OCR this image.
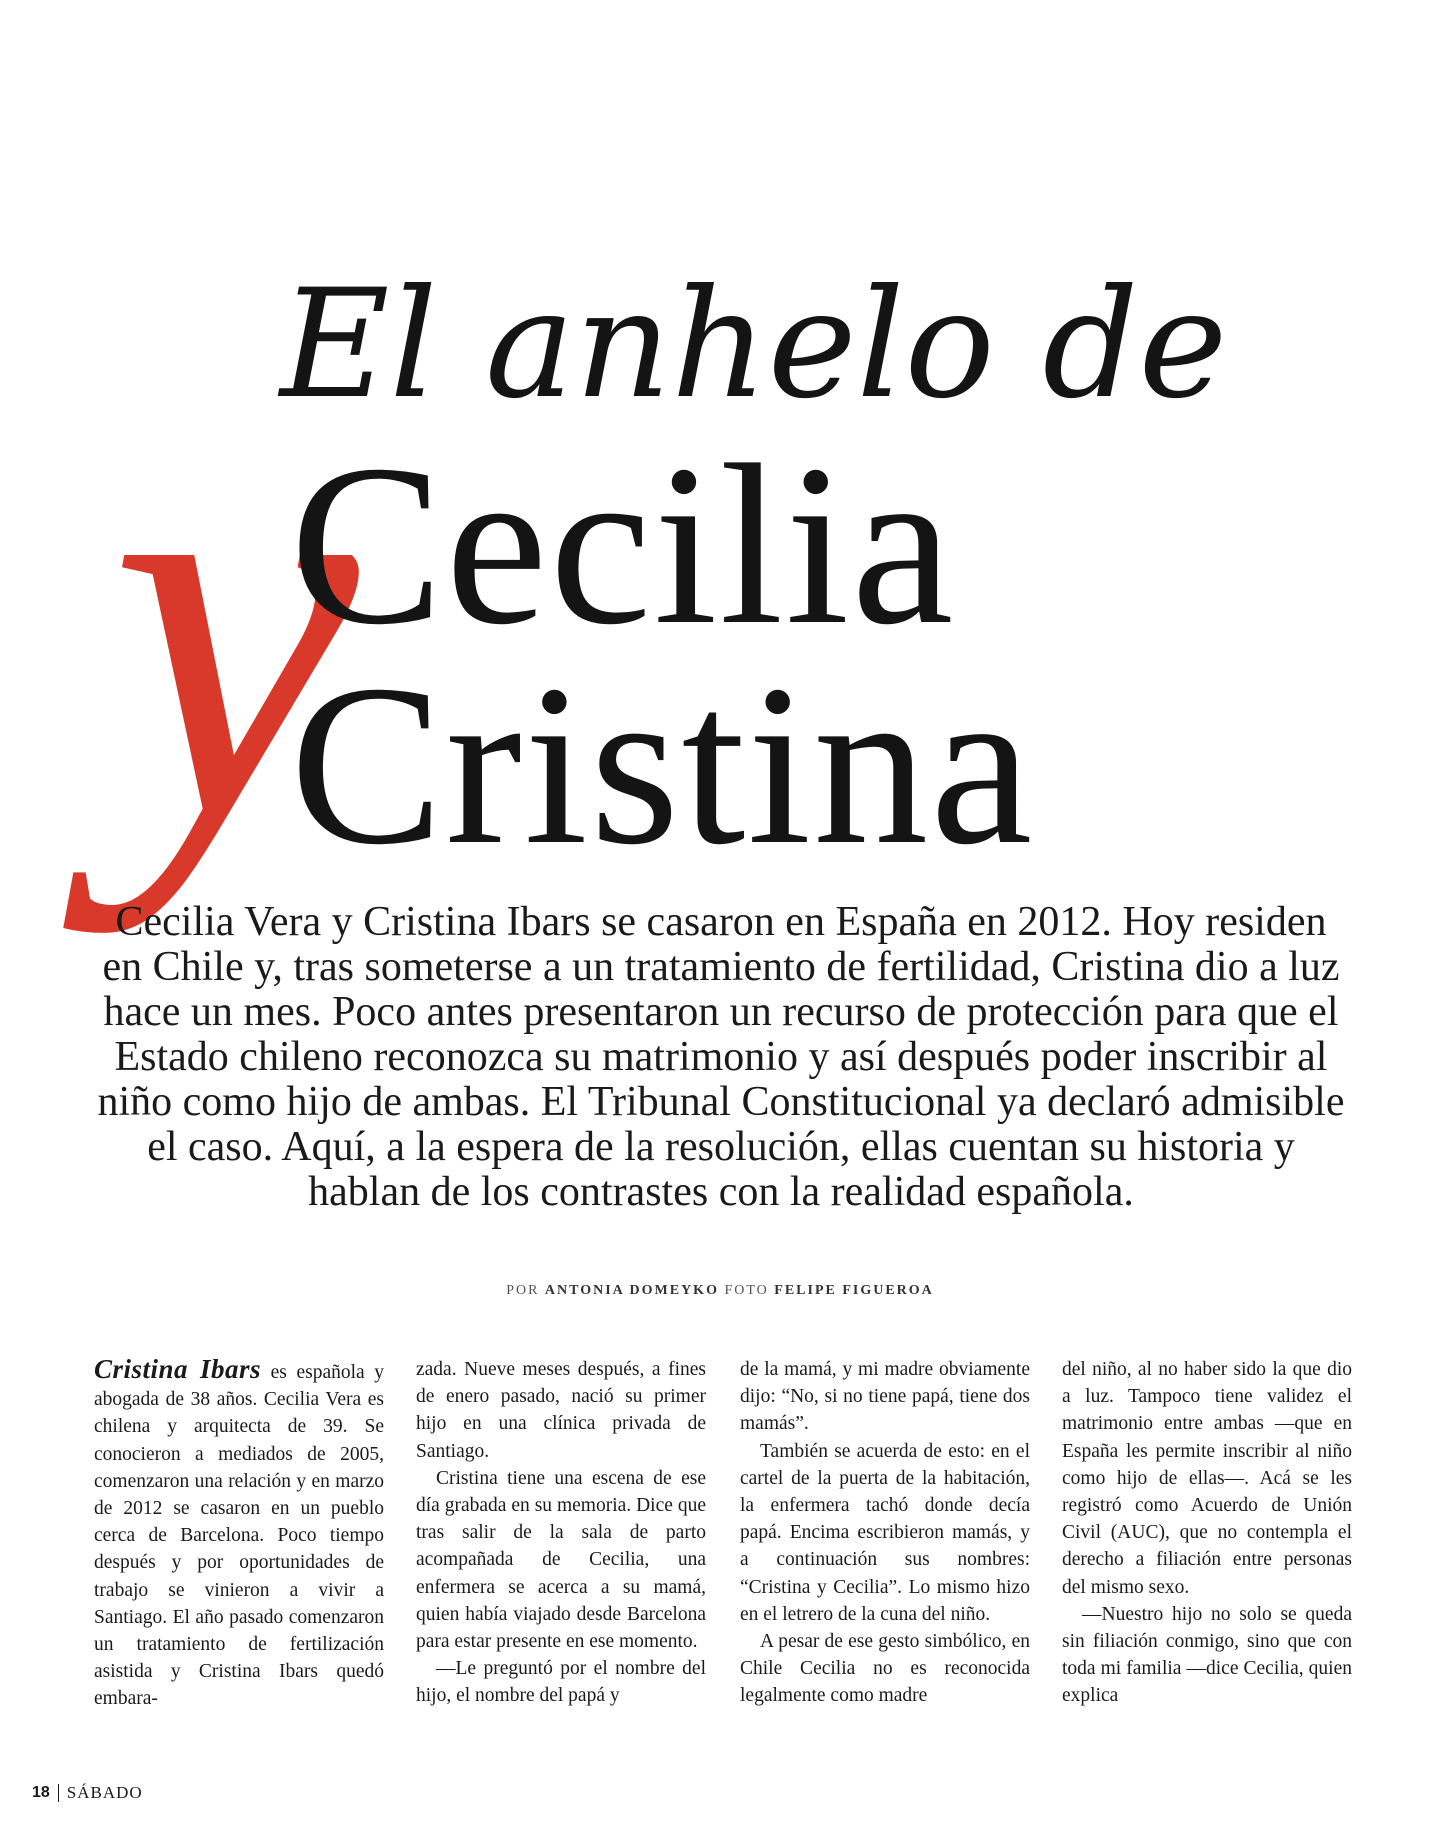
y
El anhelo de
Cecilia
Cristina

Cecilia Vera y Cristina Ibars se casaron en España en 2012. Hoy residen en Chile y, tras someterse a un tratamiento de fertilidad, Cristina dio a luz hace un mes. Poco antes presentaron un recurso de protección para que el Estado chileno reconozca su matrimonio y así después poder inscribir al niño como hijo de ambas. El Tribunal Constitucional ya declaró admisible el caso. Aquí, a la espera de la resolución, ellas cuentan su historia y hablan de los contrastes con la realidad española.

POR ANTONIA DOMEYKO FOTO FELIPE FIGUEROA

Cristina Ibars es española y abogada de 38 años. Cecilia Vera es chilena y arquitecta de 39. Se conocieron a mediados de 2005, comenzaron una relación y en marzo de 2012 se casaron en un pueblo cerca de Barcelona. Poco tiempo después y por oportunidades de trabajo se vinieron a vivir a Santiago. El año pasado comenzaron un tratamiento de fertilización asistida y Cristina Ibars quedó embara-

zada. Nueve meses después, a fines de enero pasado, nació su primer hijo en una clínica privada de Santiago.

Cristina tiene una escena de ese día grabada en su memoria. Dice que tras salir de la sala de parto acompañada de Cecilia, una enfermera se acerca a su mamá, quien había viajado desde Barcelona para estar presente en ese momento.

—Le preguntó por el nombre del hijo, el nombre del papá y

de la mamá, y mi madre obviamente dijo: “No, si no tiene papá, tiene dos mamás”.

También se acuerda de esto: en el cartel de la puerta de la habitación, la enfermera tachó donde decía papá. Encima escribieron mamás, y a continuación sus nombres: “Cristina y Cecilia”. Lo mismo hizo en el letrero de la cuna del niño.

A pesar de ese gesto simbólico, en Chile Cecilia no es reconocida legalmente como madre

del niño, al no haber sido la que dio a luz. Tampoco tiene validez el matrimonio entre ambas —que en España les permite inscribir al niño como hijo de ellas—. Acá se les registró como Acuerdo de Unión Civil (AUC), que no contempla el derecho a filiación entre personas del mismo sexo.

—Nuestro hijo no solo se queda sin filiación conmigo, sino que con toda mi familia —dice Cecilia, quien explica

18 SÁBADO
